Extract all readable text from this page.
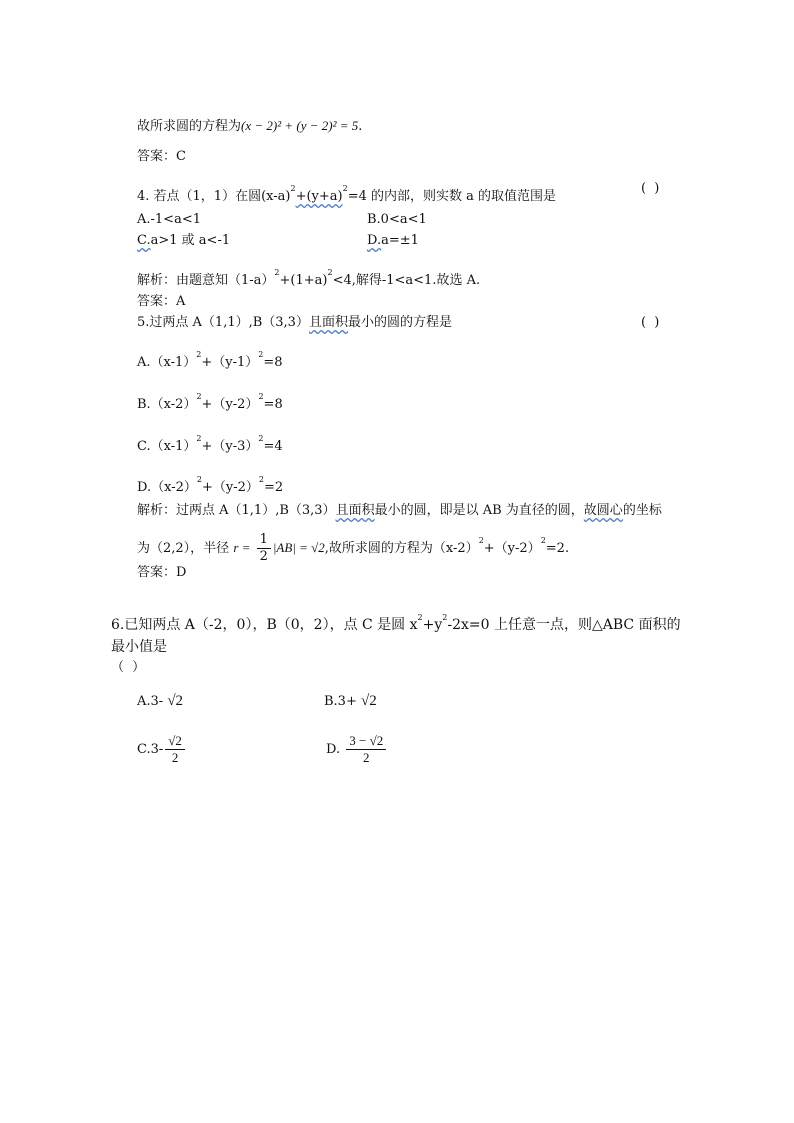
故所求圆的方程为(x − 2)² + (y − 2)² = 5.
答案：C
4. 若点（1，1）在圆$(x-a)^2+(y+a)^2=4$ 的内部，则实数 a 的取值范围是
( )
A.-1<a<1	B.0<a<1
C.a>1 或 a<-1	D.a=±1
解析：由题意知$(1-a)^2+(1+a)^2<4$,解得-1<a<1.故选 A.
答案：A
5.过两点 A（1,1）,B（3,3）且面积最小的圆的方程是	( )
$A.(x-1)^2+(y-1)^2=8$
$B.(x-2)^2+(y-2)^2=8$
$C.(x-1)^2+(y-3)^2=4$
$D.(x-2)^2+(y-2)^2=2$
解析：过两点 A（1,1）,B（3,3）且面积最小的圆，即是以 AB 为直径的圆，故圆心的坐标
为（2,2），半径 $r = \frac{1}{2} |AB| = √2$,故所求圆的方程为$(x-2)^2+(y-2)^2=2$.
答案：D
6.已知两点 A（-2，0），B（0，2），点 C 是圆 $x^2+y^2-2x=0$ 上任意一点，则△ABC 面积的
最小值是
（ ）
A.3- √2	B.3+ √2
$C.3- \frac{√2}{2}$	D. $\frac{3 - √2}{2}$
